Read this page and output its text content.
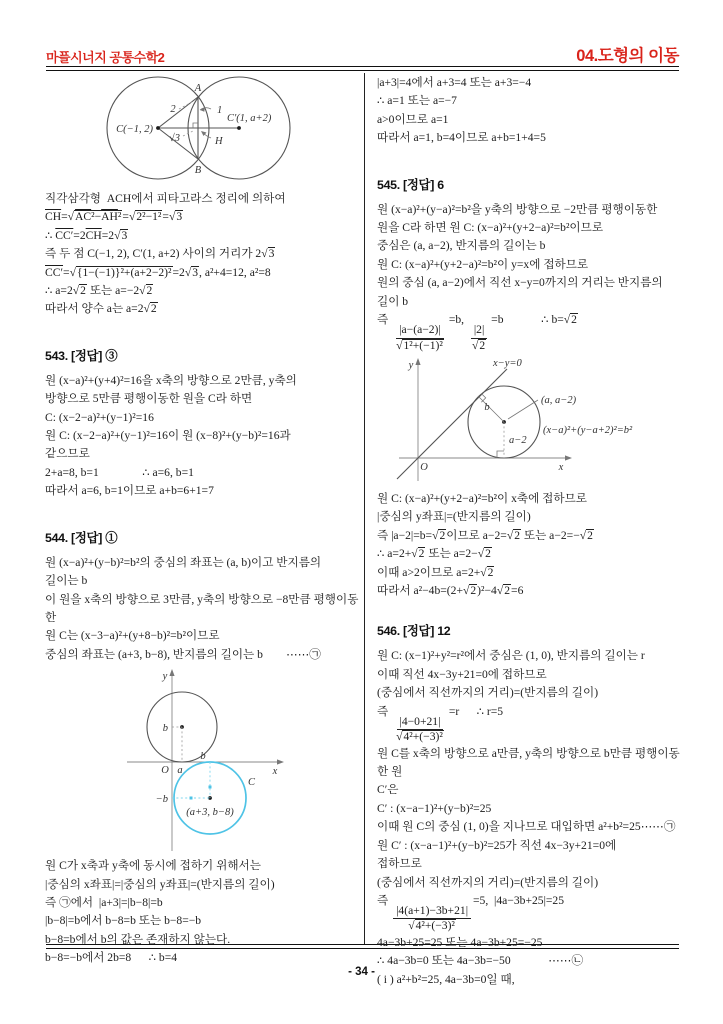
마플시너지 공통수학2	04.도형의 이동
- 34 -
A
B
C(−1, 2)
C′(1, a+2)
2	1
√3	H
직각삼각형  ACH에서 피타고라스 정리에 의하여
$\overline{CH}=√AC^2-\overline{AH}^2=√2^2-1^2=√3$
∴ $CC'=2\overline{CH}=2√3$
즉 두 점 C(−1, 2), C′(1, a+2) 사이의 거리가 2√3
CC′=√{1−(−1)}²+(a+2−2)²=2√3, a²+4=12, a²=8
∴ a=2√2 또는 a=−2√2
따라서 양수 a는 a=2√2
543. [정답] ③
원 (x−a)²+(y+4)²=16을 x축의 방향으로 2만큼, y축의
방향으로 5만큼 평행이동한 원을 C라 하면
C: (x−2−a)²+(y−1)²=16
원 C: (x−2−a)²+(y−1)²=16이 원 (x−8)²+(y−b)²=16과
같으므로
2+a=8, b=1               ∴ a=6, b=1
따라서 a=6, b=1이므로 a+b=6+1=7
544. [정답] ①
원 (x−a)²+(y−b)²=b²의 중심의 좌표는 (a, b)이고 반지름의
길이는 b
이 원을 x축의 방향으로 3만큼, y축의 방향으로 −8만큼 평행이동한
원 C는 (x−3−a)²+(y+8−b)²=b²이므로
중심의 좌표는 (a+3, b−8), 반지름의 길이는 b        ⋯⋯㉠
y
x
O
b
a
−b
b
C
(a+3, b−8)
원 C가 x축과 y축에 동시에 접하기 위해서는
|중심의 x좌표|=|중심의 y좌표|=(반지름의 길이)
즉 ㉠에서  |a+3|=|b−8|=b
|b−8|=b에서 b−8=b 또는 b−8=−b
b−8=b에서 b의 값은 존재하지 않는다.
b−8=−b에서 2b=8      ∴ b=4
|a+3|=4에서 a+3=4 또는 a+3=−4
∴ a=1 또는 a=−7
a>0이므로 a=1
따라서 a=1, b=4이므로 a+b=1+4=5
545. [정답] 6
원 (x−a)²+(y−a)²=b²을 y축의 방향으로 −2만큼 평행이동한
원을 C라 하면 원 C: (x−a)²+(y+2−a)²=b²이므로
중심은 (a, a−2), 반지름의 길이는 b
원 C: (x−a)²+(y+2−a)²=b²이 y=x에 접하므로
원의 중심 (a, a−2)에서 직선 x−y=0까지의 거리는 반지름의
길이 b
즉
$\frac{|a-(a-2)|}{\text{√1²+(−1)²}}$
=b,
$\frac{|2|}{√2}$
=b             ∴ b=√2
y
x
O
x−y=0
b
(a, a−2)
a−2
(x−a)²+(y−a+2)²=b²
원 C: (x−a)²+(y+2−a)²=b²이 x축에 접하므로
|중심의 y좌표|=(반지름의 길이)
즉 |a−2|=b=√2이므로 a−2=√2 또는 a−2=−√2
∴ a=2+√2 또는 a=2−√2
이때 a>2이므로 a=2+√2
따라서 a²−4b=(2+√2)²−4√2=6
546. [정답] 12
원 C: (x−1)²+y²=r²에서 중심은 (1, 0), 반지름의 길이는 r
이때 직선 4x−3y+21=0에 접하므로
(중심에서 직선까지의 거리)=(반지름의 길이)
즉
$\frac{|4-0+21|}{\text{√4²+(−3)²}}$
=r      ∴ r=5
원 C를 x축의 방향으로 a만큼, y축의 방향으로 b만큼 평행이동한 원
C′은
C′ : (x−a−1)²+(y−b)²=25
이때 원 C의 중심 (1, 0)을 지나므로 대입하면 a²+b²=25⋯⋯㉠
원 C′ : (x−a−1)²+(y−b)²=25가 직선 4x−3y+21=0에
접하므로
(중심에서 직선까지의 거리)=(반지름의 길이)
즉
$\frac{|4(a+1)-3b+21|}{\text{√4²+(−3)²}}$
=5,  |4a−3b+25|=25
4a−3b+25=25 또는 4a−3b+25=−25
∴ 4a−3b=0 또는 4a−3b=−50             ⋯⋯㉡
( i ) a²+b²=25, 4a−3b=0일 때,
